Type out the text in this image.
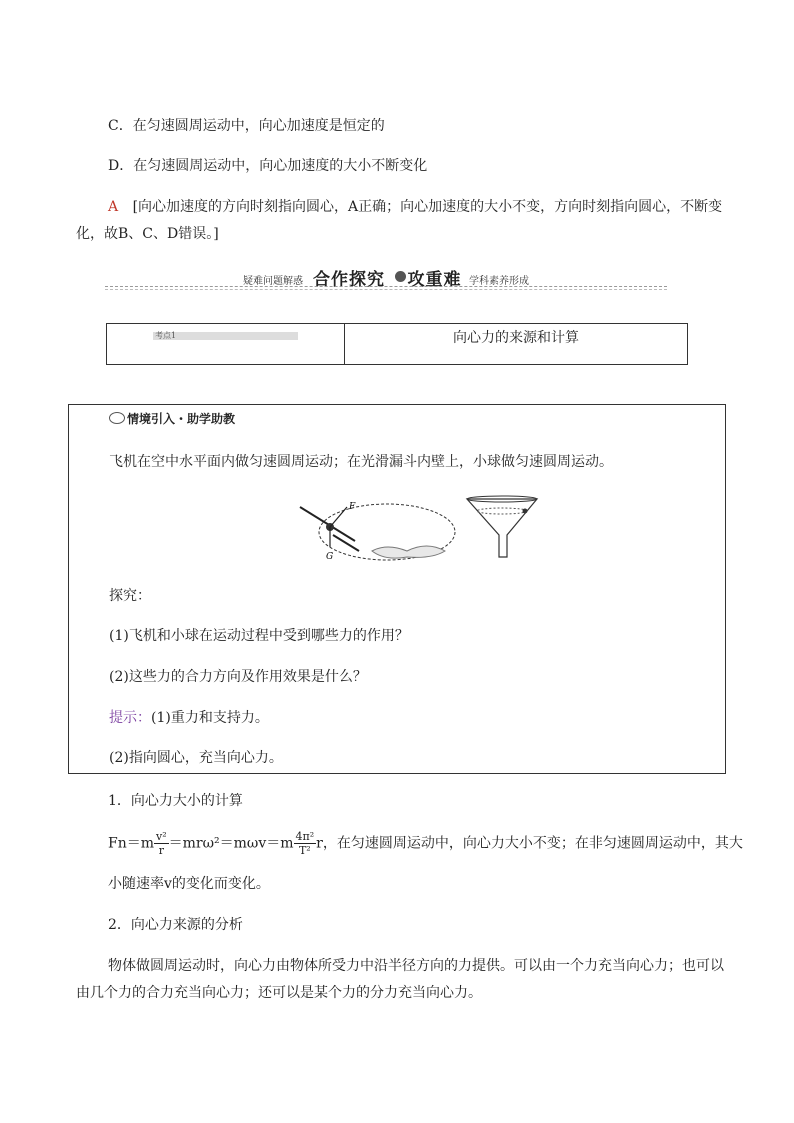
C．在匀速圆周运动中，向心加速度是恒定的
D．在匀速圆周运动中，向心加速度的大小不断变化
A [向心加速度的方向时刻指向圆心，A正确；向心加速度的大小不变，方向时刻指向圆心，不断变
化，故B、C、D错误。]
疑难问题解惑 合作探究 攻重难 学科素养形成
考点1	向心力的来源和计算
情境引入・助学助教
飞机在空中水平面内做匀速圆周运动；在光滑漏斗内壁上，小球做匀速圆周运动。
F
G
探究：
(1)飞机和小球在运动过程中受到哪些力的作用？
(2)这些力的合力方向及作用效果是什么？
提示：(1)重力和支持力。
(2)指向圆心，充当向心力。
1．向心力大小的计算
$Fn=m \frac{\text{v²}}{r} =mr\omega^2=m\omega v=m \frac{\text{4π²}}{\text{T²}}$ r，在匀速圆周运动中，向心力大小不变；在非匀速圆周运动中，其大
小随速率v的变化而变化。
2．向心力来源的分析
物体做圆周运动时，向心力由物体所受力中沿半径方向的力提供。可以由一个力充当向心力；也可以
由几个力的合力充当向心力；还可以是某个力的分力充当向心力。
